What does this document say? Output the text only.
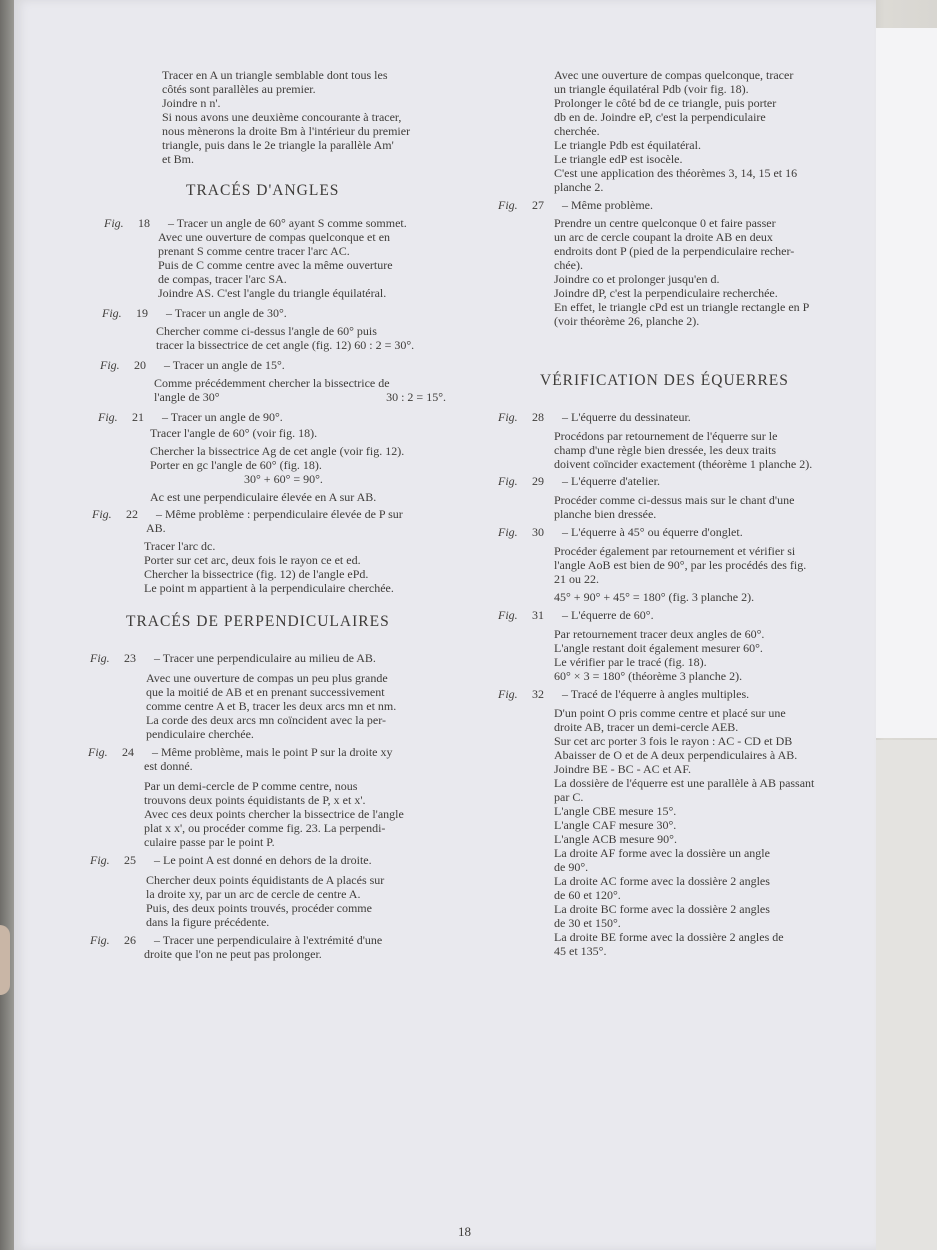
Tracer en A un triangle semblable dont tous les

côtés sont parallèles au premier.

Joindre n n'.

Si nous avons une deuxième concourante à tracer,

nous mènerons la droite Bm à l'intérieur du premier

triangle, puis dans le 2e triangle la parallèle Am'

et Bm.

TRACÉS D'ANGLES

Fig.	18	– Tracer un angle de 60° ayant S comme sommet.

Avec une ouverture de compas quelconque et en

prenant S comme centre tracer l'arc AC.

Puis de C comme centre avec la même ouverture

de compas, tracer l'arc SA.

Joindre AS. C'est l'angle du triangle équilatéral.

Fig.	19	– Tracer un angle de 30°.

Chercher comme ci-dessus l'angle de 60° puis

tracer la bissectrice de cet angle (fig. 12) 60 : 2 = 30°.

Fig.	20	– Tracer un angle de 15°.

Comme précédemment chercher la bissectrice de

l'angle de 30°	30 : 2 = 15°.
Fig.	21	– Tracer un angle de 90°.

Tracer l'angle de 60° (voir fig. 18).

Chercher la bissectrice Ag de cet angle (voir fig. 12).

Porter en gc l'angle de 60° (fig. 18).

30° + 60° = 90°.

Ac est une perpendiculaire élevée en A sur AB.

Fig.	22	– Même problème : perpendiculaire élevée de P sur

AB.

Tracer l'arc dc.

Porter sur cet arc, deux fois le rayon ce et ed.

Chercher la bissectrice (fig. 12) de l'angle ePd.

Le point m appartient à la perpendiculaire cherchée.

TRACÉS DE PERPENDICULAIRES

Fig.	23	– Tracer une perpendiculaire au milieu de AB.

Avec une ouverture de compas un peu plus grande

que la moitié de AB et en prenant successivement

comme centre A et B, tracer les deux arcs mn et nm.

La corde des deux arcs mn coïncident avec la per-

pendiculaire cherchée.

Fig.	24	– Même problème, mais le point P sur la droite xy

est donné.

Par un demi-cercle de P comme centre, nous

trouvons deux points équidistants de P, x et x'.

Avec ces deux points chercher la bissectrice de l'angle

plat x x', ou procéder comme fig. 23. La perpendi-

culaire passe par le point P.

Fig.	25	– Le point A est donné en dehors de la droite.

Chercher deux points équidistants de A placés sur

la droite xy, par un arc de cercle de centre A.

Puis, des deux points trouvés, procéder comme

dans la figure précédente.

Fig.	26	– Tracer une perpendiculaire à l'extrémité d'une

droite que l'on ne peut pas prolonger.

Avec une ouverture de compas quelconque, tracer

un triangle équilatéral Pdb (voir fig. 18).

Prolonger le côté bd de ce triangle, puis porter

db en de. Joindre eP, c'est la perpendiculaire

cherchée.

Le triangle Pdb est équilatéral.

Le triangle edP est isocèle.

C'est une application des théorèmes 3, 14, 15 et 16

planche 2.

Fig.	27	– Même problème.

Prendre un centre quelconque 0 et faire passer

un arc de cercle coupant la droite AB en deux

endroits dont P (pied de la perpendiculaire recher-

chée).

Joindre co et prolonger jusqu'en d.

Joindre dP, c'est la perpendiculaire recherchée.

En effet, le triangle cPd est un triangle rectangle en P

(voir théorème 26, planche 2).

VÉRIFICATION DES ÉQUERRES

Fig.	28	– L'équerre du dessinateur.

Procédons par retournement de l'équerre sur le

champ d'une règle bien dressée, les deux traits

doivent coïncider exactement (théorème 1 planche 2).

Fig.	29	– L'équerre d'atelier.

Procéder comme ci-dessus mais sur le chant d'une

planche bien dressée.

Fig.	30	– L'équerre à 45° ou équerre d'onglet.

Procéder également par retournement et vérifier si

l'angle AoB est bien de 90°, par les procédés des fig.

21 ou 22.

45° + 90° + 45° = 180° (fig. 3 planche 2).

Fig.	31	– L'équerre de 60°.

Par retournement tracer deux angles de 60°.

L'angle restant doit également mesurer 60°.

Le vérifier par le tracé (fig. 18).

60° × 3 = 180° (théorème 3 planche 2).

Fig.	32	– Tracé de l'équerre à angles multiples.

D'un point O pris comme centre et placé sur une

droite AB, tracer un demi-cercle AEB.

Sur cet arc porter 3 fois le rayon : AC - CD et DB

Abaisser de O et de A deux perpendiculaires à AB.

Joindre BE - BC - AC et AF.

La dossière de l'équerre est une parallèle à AB passant

par C.

L'angle CBE mesure 15°.

L'angle CAF mesure 30°.

L'angle ACB mesure 90°.

La droite AF forme avec la dossière un angle

de 90°.

La droite AC forme avec la dossière 2 angles

de 60 et 120°.

La droite BC forme avec la dossière 2 angles

de 30 et 150°.

La droite BE forme avec la dossière 2 angles de

45 et 135°.

18
